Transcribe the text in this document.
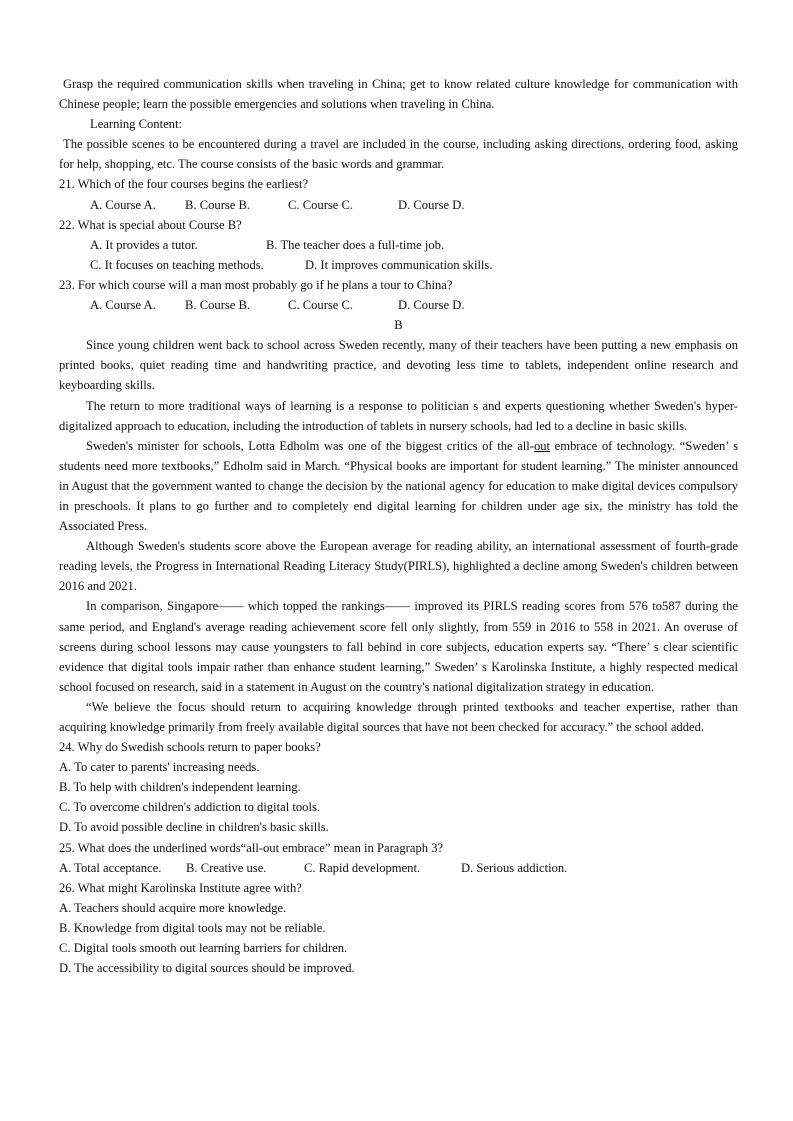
Grasp the required communication skills when traveling in China; get to know related culture knowledge for communication with Chinese people; learn the possible emergencies and solutions when traveling in China.

Learning Content:

The possible scenes to be encountered during a travel are included in the course, including asking directions, ordering food, asking for help, shopping, etc. The course consists of the basic words and grammar.

21. Which of the four courses begins the earliest?

A. Course A.	B. Course B.	C. Course C.	D. Course D.

22. What is special about Course B?

A. It provides a tutor.	B. The teacher does a full-time job.
C. It focuses on teaching methods.	D. It improves communication skills.

23. For which course will a man most probably go if he plans a tour to China?

A. Course A.	B. Course B.	C. Course C.	D. Course D.

B

Since young children went back to school across Sweden recently, many of their teachers have been putting a new emphasis on printed books, quiet reading time and handwriting practice, and devoting less time to tablets, independent online research and keyboarding skills.

The return to more traditional ways of learning is a response to politician s and experts questioning whether Sweden's hyper-digitalized approach to education, including the introduction of tablets in nursery schools, had led to a decline in basic skills.

Sweden's minister for schools, Lotta Edholm was one of the biggest critics of the all-out embrace of technology. “Sweden’ s students need more textbooks,” Edholm said in March. “Physical books are important for student learning.” The minister announced in August that the government wanted to change the decision by the national agency for education to make digital devices compulsory in preschools. It plans to go further and to completely end digital learning for children under age six, the ministry has told the Associated Press.

Although Sweden's students score above the European average for reading ability, an international assessment of fourth-grade reading levels, the Progress in International Reading Literacy Study(PIRLS), highlighted a decline among Sweden's children between 2016 and 2021.

In comparison, Singapore—— which topped the rankings—— improved its PIRLS reading scores from 576 to587 during the same period, and England's average reading achievement score fell only slightly, from 559 in 2016 to 558 in 2021. An overuse of screens during school lessons may cause youngsters to fall behind in core subjects, education experts say. “There’ s clear scientific evidence that digital tools impair rather than enhance student learning,” Sweden’ s Karolinska Institute, a highly respected medical school focused on research, said in a statement in August on the country's national digitalization strategy in education.

“We believe the focus should return to acquiring knowledge through printed textbooks and teacher expertise, rather than acquiring knowledge primarily from freely available digital sources that have not been checked for accuracy.” the school added.

24. Why do Swedish schools return to paper books?

A. To cater to parents' increasing needs.

B. To help with children's independent learning.

C. To overcome children's addiction to digital tools.

D. To avoid possible decline in children's basic skills.

25. What does the underlined words“all-out embrace” mean in Paragraph 3?

A. Total acceptance. B. Creative use.	C. Rapid development.	D. Serious addiction.

26. What might Karolinska Institute agree with?

A. Teachers should acquire more knowledge.

B. Knowledge from digital tools may not be reliable.

C. Digital tools smooth out learning barriers for children.

D. The accessibility to digital sources should be improved.
